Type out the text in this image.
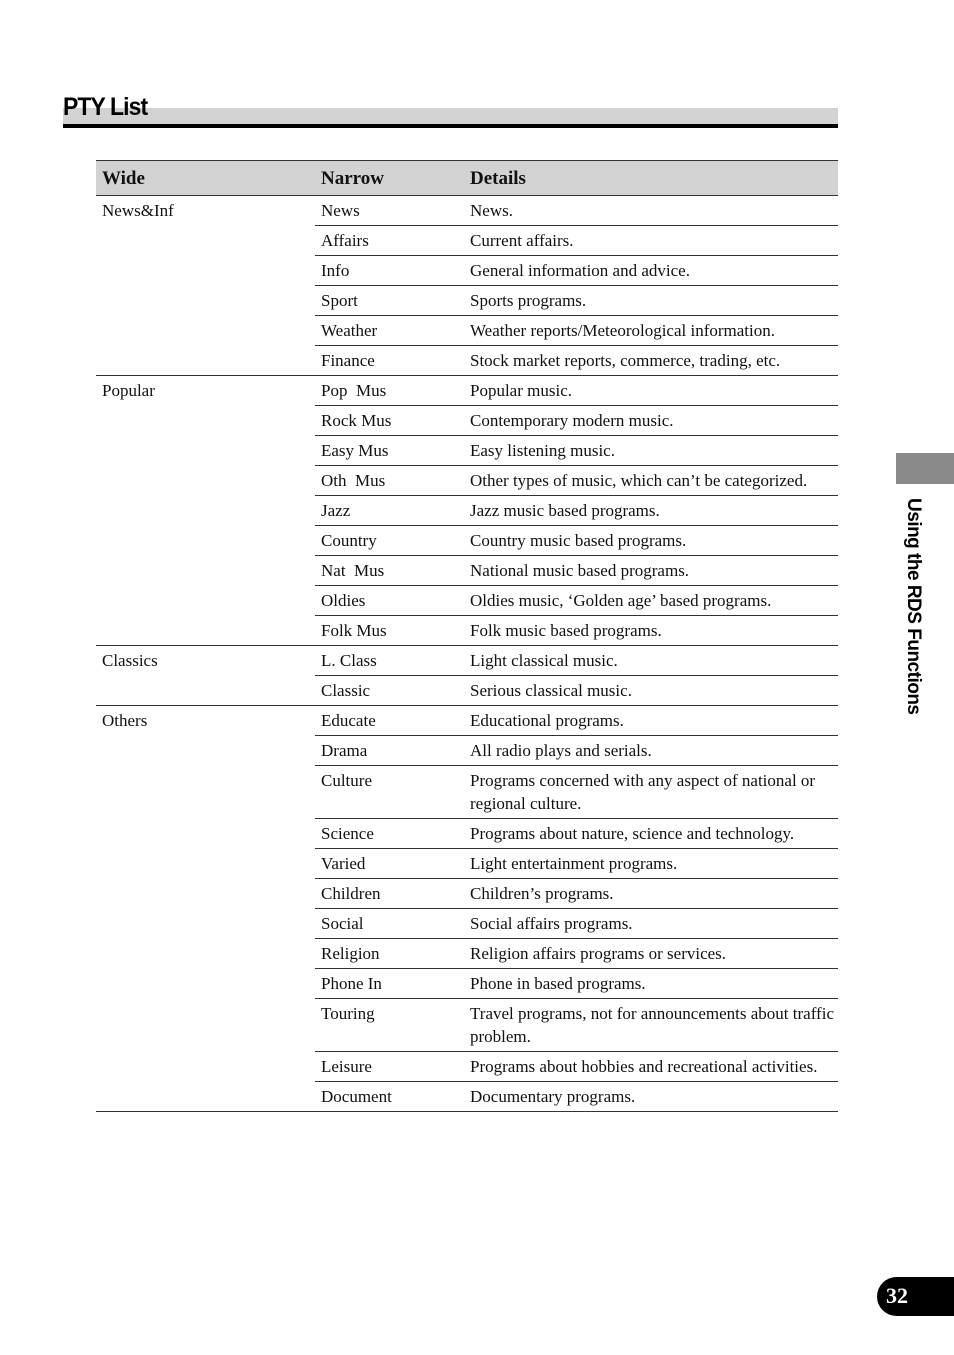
PTY List
Wide	Narrow	Details
News&Inf	News	News.
	Affairs	Current affairs.
	Info	General information and advice.
	Sport	Sports programs.
	Weather	Weather reports/Meteorological information.
	Finance	Stock market reports, commerce, trading, etc.
Popular	Pop  Mus	Popular music.
	Rock Mus	Contemporary modern music.
	Easy Mus	Easy listening music.
	Oth  Mus	Other types of music, which can’t be categorized.
	Jazz	Jazz music based programs.
	Country	Country music based programs.
	Nat  Mus	National music based programs.
	Oldies	Oldies music, ‘Golden age’ based programs.
	Folk Mus	Folk music based programs.
Classics	L. Class	Light classical music.
	Classic	Serious classical music.
Others	Educate	Educational programs.
	Drama	All radio plays and serials.
	Culture	Programs concerned with any aspect of national or regional culture.
	Science	Programs about nature, science and technology.
	Varied	Light entertainment programs.
	Children	Children’s programs.
	Social	Social affairs programs.
	Religion	Religion affairs programs or services.
	Phone In	Phone in based programs.
	Touring	Travel programs, not for announcements about traffic problem.
	Leisure	Programs about hobbies and recreational activities.
	Document	Documentary programs.
Using the RDS Functions
32
